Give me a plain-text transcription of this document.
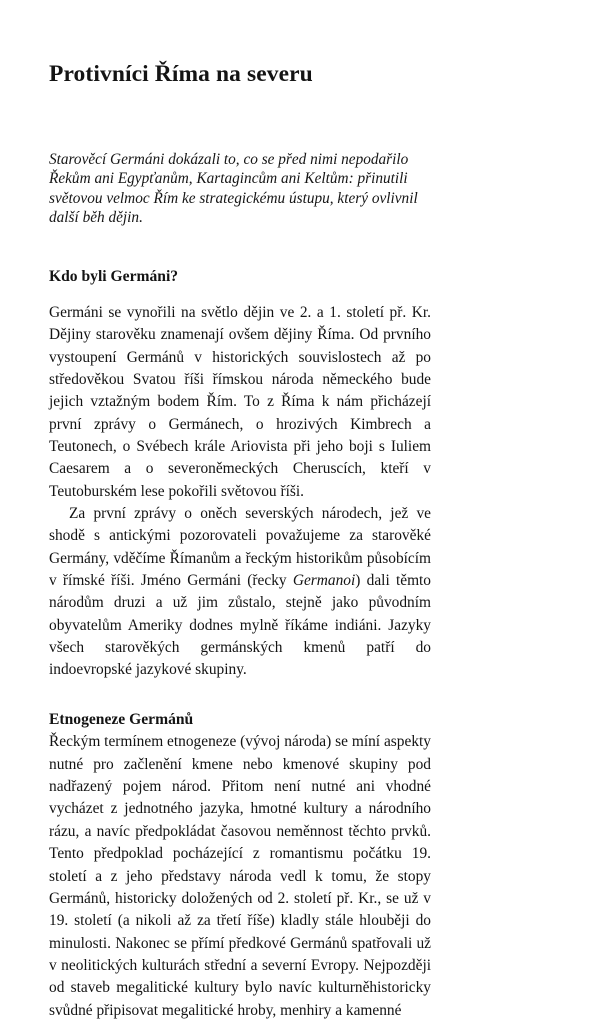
Protivníci Říma na severu

Starověcí Germáni dokázali to, co se před nimi nepodařilo Řekům ani Egypťanům, Kartagincům ani Keltům: přinutili světovou velmoc Řím ke strategickému ústupu, který ovlivnil další běh dějin.

Kdo byli Germáni?

Germáni se vynořili na světlo dějin ve 2. a 1. století př. Kr. Dějiny starověku znamenají ovšem dějiny Říma. Od prvního vystoupení Germánů v historických souvislostech až po středověkou Svatou říši římskou národa německého bude jejich vztažným bodem Řím. To z Říma k nám přicházejí první zprávy o Germánech, o hrozivých Kimbrech a Teutonech, o Svébech krále Ariovista při jeho boji s Iuliem Caesarem a o severoněmeckých Cheruscích, kteří v Teutoburském lese pokořili světovou říši.

Za první zprávy o oněch severských národech, jež ve shodě s antickými pozorovateli považujeme za starověké Germány, vděčíme Římanům a řeckým historikům působícím v římské říši. Jméno Germáni (řecky Germanoi) dali těmto národům druzi a už jim zůstalo, stejně jako původním obyvatelům Ameriky dodnes mylně říkáme indiáni. Jazyky všech starověkých germánských kmenů patří do indoevropské jazykové skupiny.

Etnogeneze Germánů

Řeckým termínem etnogeneze (vývoj národa) se míní aspekty nutné pro začlenění kmene nebo kmenové skupiny pod nadřazený pojem národ. Přitom není nutné ani vhodné vycházet z jednotného jazyka, hmotné kultury a národního rázu, a navíc předpokládat časovou neměnnost těchto prvků. Tento předpoklad pocházející z romantismu počátku 19. století a z jeho představy národa vedl k tomu, že stopy Germánů, historicky doložených od 2. století př. Kr., se už v 19. století (a nikoli až za třetí říše) kladly stále hlouběji do minulosti. Nakonec se přímí předkové Germánů spatřovali už v neolitických kulturách střední a severní Evropy. Nejpozději od staveb megalitické kultury bylo navíc kulturněhistoricky svůdné připisovat megalitické hroby, menhiry a kamenné
